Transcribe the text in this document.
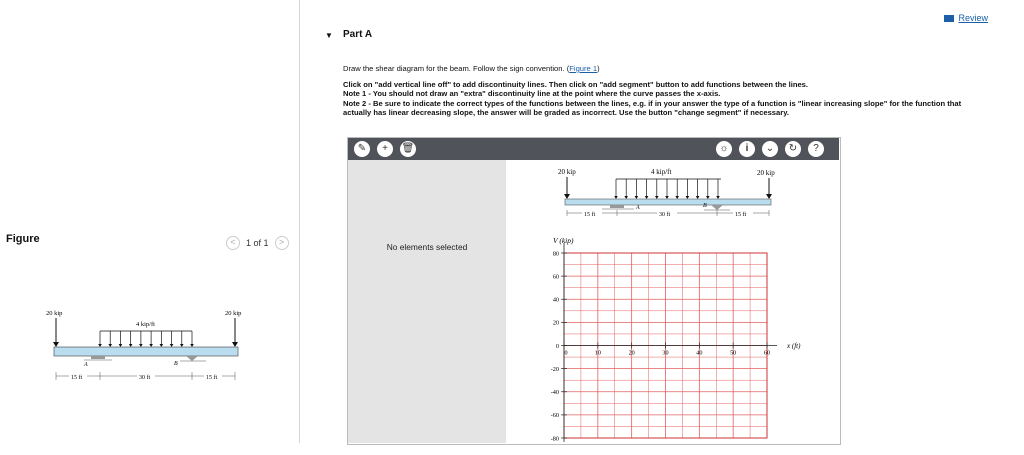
20 kip	20 kip
4 kip/ft
A	B
15 ft	30 ft	15 ft
Figure	<	1 of 1	>
Review
▼ Part A
Draw the shear diagram for the beam. Follow the sign convention. (Figure 1)
Click on "add vertical line off" to add discontinuity lines. Then click on "add segment" button to add functions between the lines.
Note 1 - You should not draw an "extra" discontinuity line at the point where the curve passes the x-axis.
Note 2 - Be sure to indicate the correct types of the functions between the lines, e.g. if in your answer the type of a function is "linear increasing slope" for the function that actually has linear decreasing slope, the answer will be graded as incorrect. Use the button "change segment" if necessary.
✎	+	🗑	☼	i	⌄	↻	?
No elements selected
20 kip	20 kip
4 kip/ft
A	B
15 ft	30 ft	15 ft
V (kip)
x (ft)
80
60
40
20
0
-20
-40
-60
-80
0	10	20	30	40	50	60
